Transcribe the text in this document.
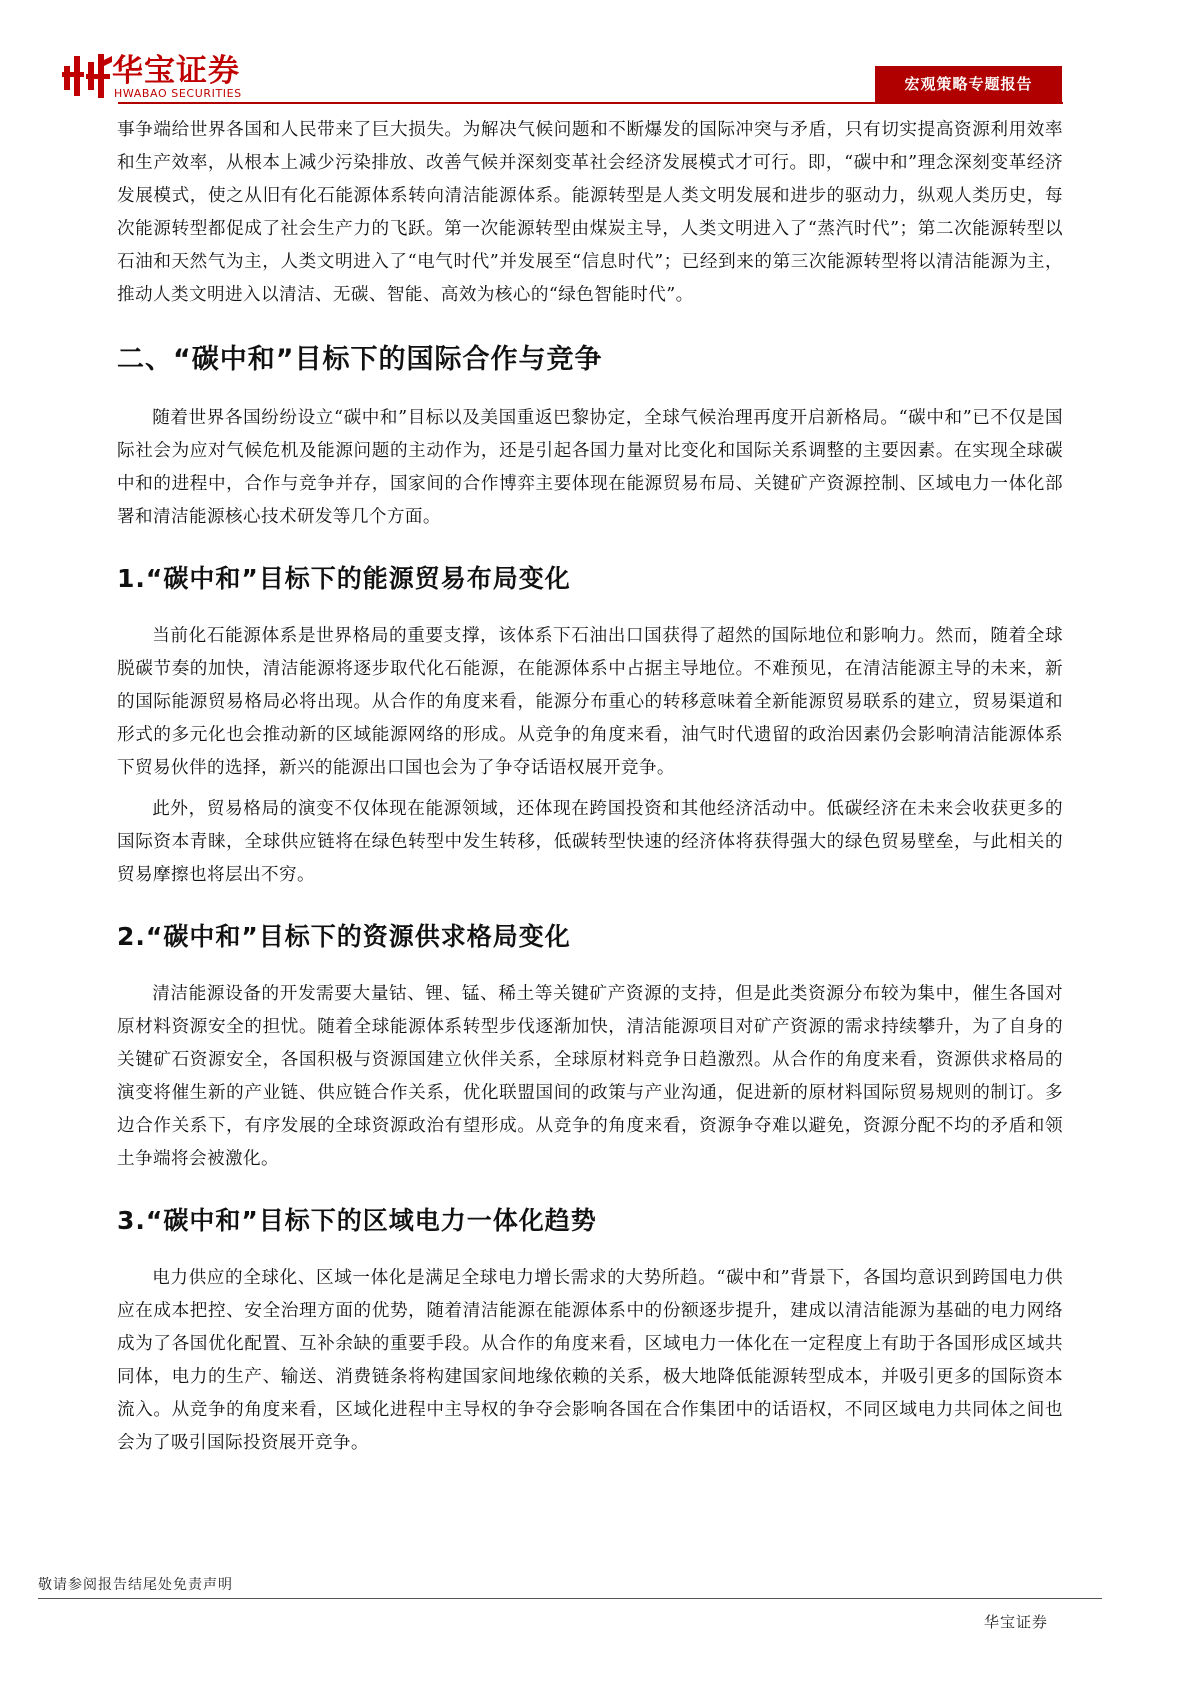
华宝证券
HWABAO SECURITIES
宏观策略专题报告

事争端给世界各国和人民带来了巨大损失。为解决气候问题和不断爆发的国际冲突与矛盾，只有切实提高资源利用效率和生产效率，从根本上减少污染排放、改善气候并深刻变革社会经济发展模式才可行。即，“碳中和”理念深刻变革经济发展模式，使之从旧有化石能源体系转向清洁能源体系。能源转型是人类文明发展和进步的驱动力，纵观人类历史，每次能源转型都促成了社会生产力的飞跃。第一次能源转型由煤炭主导，人类文明进入了“蒸汽时代”；第二次能源转型以石油和天然气为主，人类文明进入了“电气时代”并发展至“信息时代”；已经到来的第三次能源转型将以清洁能源为主，推动人类文明进入以清洁、无碳、智能、高效为核心的“绿色智能时代”。

二、“碳中和”目标下的国际合作与竞争

随着世界各国纷纷设立“碳中和”目标以及美国重返巴黎协定，全球气候治理再度开启新格局。“碳中和”已不仅是国际社会为应对气候危机及能源问题的主动作为，还是引起各国力量对比变化和国际关系调整的主要因素。在实现全球碳中和的进程中，合作与竞争并存，国家间的合作博弈主要体现在能源贸易布局、关键矿产资源控制、区域电力一体化部署和清洁能源核心技术研发等几个方面。

1.“碳中和”目标下的能源贸易布局变化

当前化石能源体系是世界格局的重要支撑，该体系下石油出口国获得了超然的国际地位和影响力。然而，随着全球脱碳节奏的加快，清洁能源将逐步取代化石能源，在能源体系中占据主导地位。不难预见，在清洁能源主导的未来，新的国际能源贸易格局必将出现。从合作的角度来看，能源分布重心的转移意味着全新能源贸易联系的建立，贸易渠道和形式的多元化也会推动新的区域能源网络的形成。从竞争的角度来看，油气时代遗留的政治因素仍会影响清洁能源体系下贸易伙伴的选择，新兴的能源出口国也会为了争夺话语权展开竞争。

此外，贸易格局的演变不仅体现在能源领域，还体现在跨国投资和其他经济活动中。低碳经济在未来会收获更多的国际资本青睐，全球供应链将在绿色转型中发生转移，低碳转型快速的经济体将获得强大的绿色贸易壁垒，与此相关的贸易摩擦也将层出不穷。

2.“碳中和”目标下的资源供求格局变化

清洁能源设备的开发需要大量钴、锂、锰、稀土等关键矿产资源的支持，但是此类资源分布较为集中，催生各国对原材料资源安全的担忧。随着全球能源体系转型步伐逐渐加快，清洁能源项目对矿产资源的需求持续攀升，为了自身的关键矿石资源安全，各国积极与资源国建立伙伴关系，全球原材料竞争日趋激烈。从合作的角度来看，资源供求格局的演变将催生新的产业链、供应链合作关系，优化联盟国间的政策与产业沟通，促进新的原材料国际贸易规则的制订。多边合作关系下，有序发展的全球资源政治有望形成。从竞争的角度来看，资源争夺难以避免，资源分配不均的矛盾和领土争端将会被激化。

3.“碳中和”目标下的区域电力一体化趋势

电力供应的全球化、区域一体化是满足全球电力增长需求的大势所趋。“碳中和”背景下，各国均意识到跨国电力供应在成本把控、安全治理方面的优势，随着清洁能源在能源体系中的份额逐步提升，建成以清洁能源为基础的电力网络成为了各国优化配置、互补余缺的重要手段。从合作的角度来看，区域电力一体化在一定程度上有助于各国形成区域共同体，电力的生产、输送、消费链条将构建国家间地缘依赖的关系，极大地降低能源转型成本，并吸引更多的国际资本流入。从竞争的角度来看，区域化进程中主导权的争夺会影响各国在合作集团中的话语权，不同区域电力共同体之间也会为了吸引国际投资展开竞争。

敬请参阅报告结尾处免责声明
华宝证券
